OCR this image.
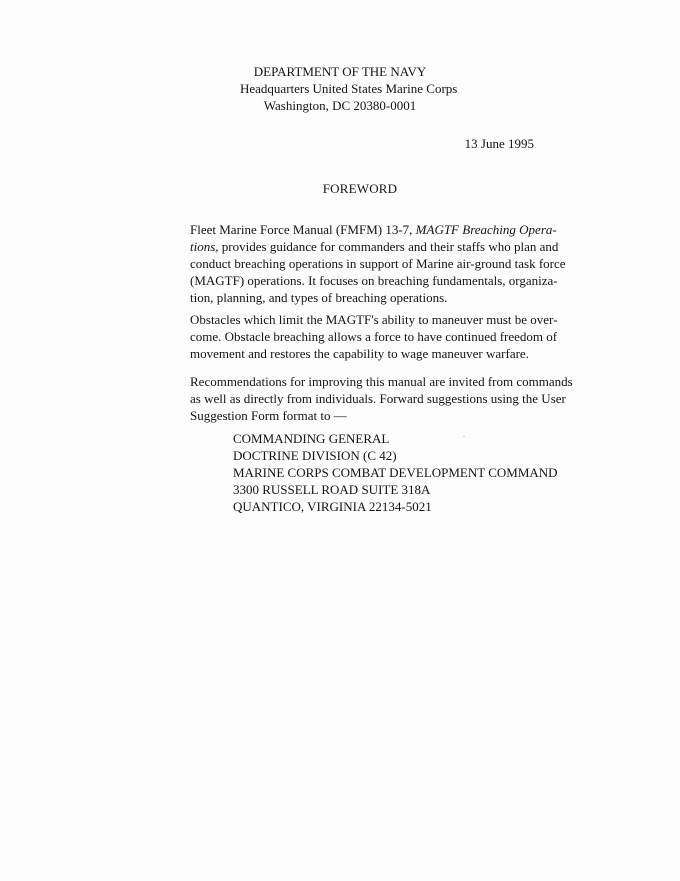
DEPARTMENT OF THE NAVY
Headquarters United States Marine Corps
Washington, DC 20380-0001
13 June 1995
FOREWORD
Fleet Marine Force Manual (FMFM) 13-7, MAGTF Breaching Opera-
tions, provides guidance for commanders and their staffs who plan and
conduct breaching operations in support of Marine air-ground task force
(MAGTF) operations. It focuses on breaching fundamentals, organiza-
tion, planning, and types of breaching operations.
Obstacles which limit the MAGTF's ability to maneuver must be over-
come. Obstacle breaching allows a force to have continued freedom of
movement and restores the capability to wage maneuver warfare.
Recommendations for improving this manual are invited from commands
as well as directly from individuals. Forward suggestions using the User
Suggestion Form format to —
COMMANDING GENERAL
DOCTRINE DIVISION (C 42)
MARINE CORPS COMBAT DEVELOPMENT COMMAND
3300 RUSSELL ROAD SUITE 318A
QUANTICO, VIRGINIA 22134-5021
